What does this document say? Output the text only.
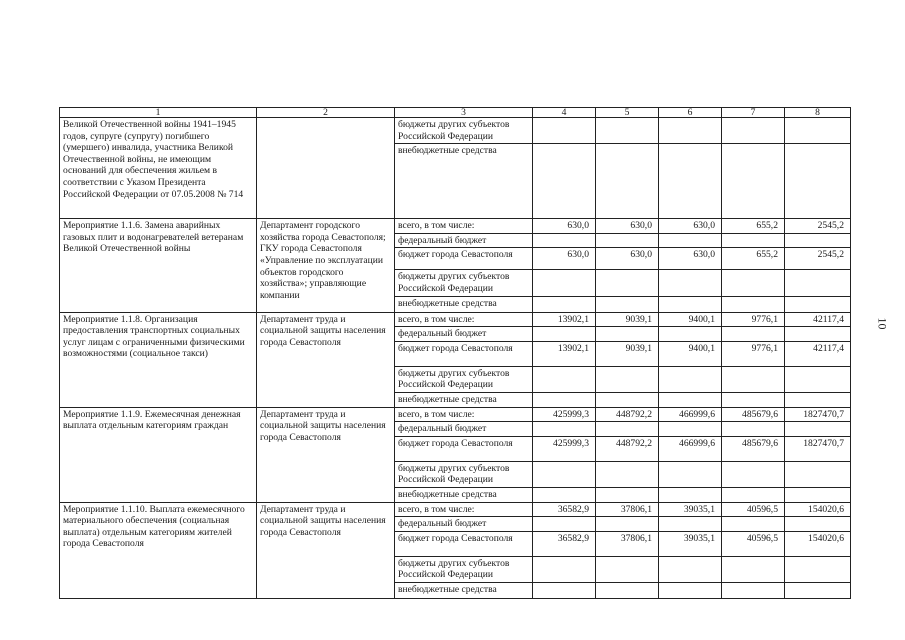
1	2	3	4	5	6	7	8
Великой Отечественной войны 1941–1945 годов, супруге (супругу) погибшего (умершего) инвалида, участника Великой Отечественной войны, не имеющим оснований для обеспечения жильем в соответствии с Указом Президента Российской Федерации от 07.05.2008 № 714		бюджеты других субъектов Российской Федерации					
		внебюджетные средства					
Мероприятие 1.1.6. Замена аварийных газовых плит и водонагревателей ветеранам Великой Отечественной войны	Департамент городского хозяйства города Севастополя; ГКУ города Севастополя «Управление по эксплуатации объектов городского хозяйства»; управляющие компании	всего, в том числе:	630,0	630,0	630,0	655,2	2545,2
		федеральный бюджет					
		бюджет города Севастополя	630,0	630,0	630,0	655,2	2545,2
		бюджеты других субъектов Российской Федерации					
		внебюджетные средства					
Мероприятие 1.1.8. Организация предоставления транспортных социальных услуг лицам с ограниченными физическими возможностями (социальное такси)	Департамент труда и социальной защиты населения города Севастополя	всего, в том числе:	13902,1	9039,1	9400,1	9776,1	42117,4
		федеральный бюджет					
		бюджет города Севастополя	13902,1	9039,1	9400,1	9776,1	42117,4
		бюджеты других субъектов Российской Федерации					
		внебюджетные средства					
Мероприятие 1.1.9. Ежемесячная денежная выплата отдельным категориям граждан	Департамент труда и социальной защиты населения города Севастополя	всего, в том числе:	425999,3	448792,2	466999,6	485679,6	1827470,7
		федеральный бюджет					
		бюджет города Севастополя	425999,3	448792,2	466999,6	485679,6	1827470,7
		бюджеты других субъектов Российской Федерации					
		внебюджетные средства					
Мероприятие 1.1.10. Выплата ежемесячного материального обеспечения (социальная выплата) отдельным категориям жителей города Севастополя	Департамент труда и социальной защиты населения города Севастополя	всего, в том числе:	36582,9	37806,1	39035,1	40596,5	154020,6
		федеральный бюджет					
		бюджет города Севастополя	36582,9	37806,1	39035,1	40596,5	154020,6
		бюджеты других субъектов Российской Федерации					
		внебюджетные средства					
10
